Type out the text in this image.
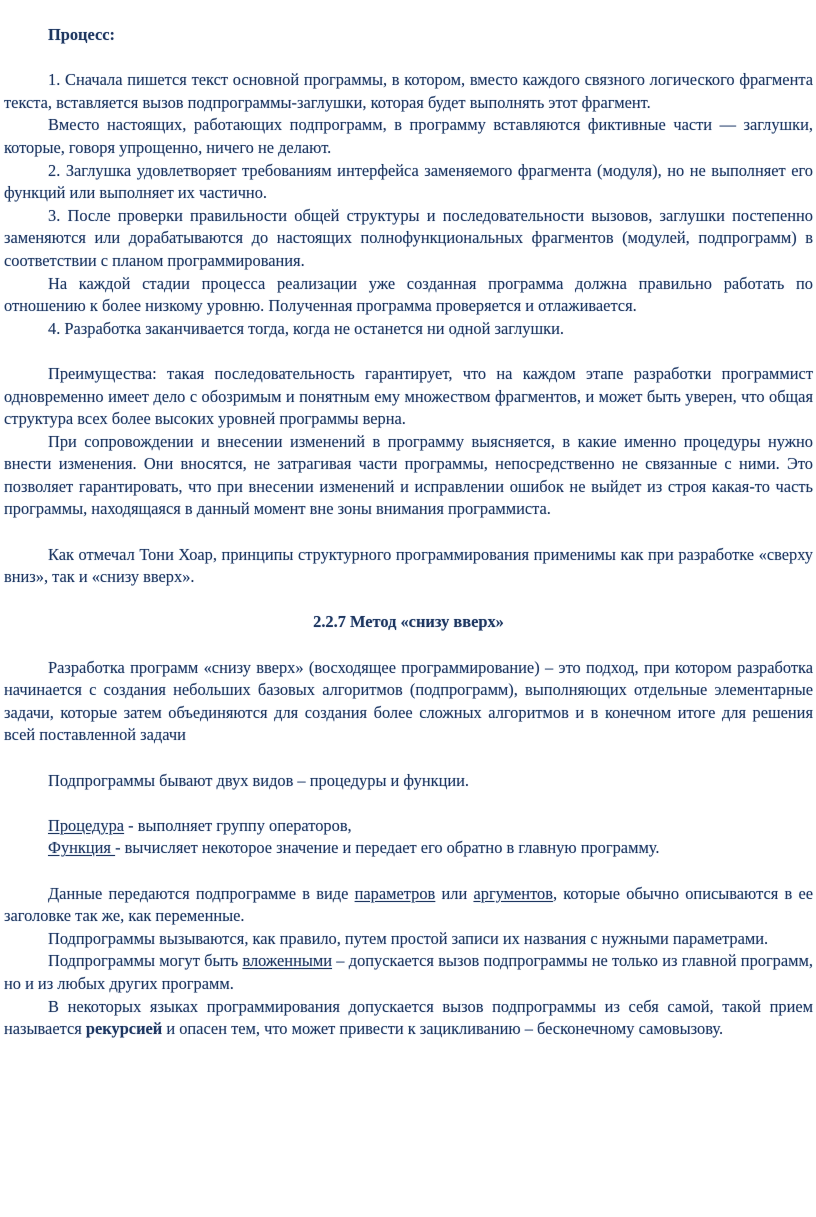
Процесс:

1. Сначала пишется текст основной программы, в котором, вместо каждого связного логического фрагмента текста, вставляется вызов подпрограммы-заглушки, которая будет выполнять этот фрагмент.

Вместо настоящих, работающих подпрограмм, в программу вставляются фиктивные части — заглушки, которые, говоря упрощенно, ничего не делают.

2. Заглушка удовлетворяет требованиям интерфейса заменяемого фрагмента (модуля), но не выполняет его функций или выполняет их частично.

3. После проверки правильности общей структуры и последовательности вызовов, заглушки постепенно заменяются или дорабатываются до настоящих полнофункциональных фрагментов (модулей, подпрограмм) в соответствии с планом программирования.

На каждой стадии процесса реализации уже созданная программа должна правильно работать по отношению к более низкому уровню. Полученная программа проверяется и отлаживается.

4. Разработка заканчивается тогда, когда не останется ни одной заглушки.

Преимущества: такая последовательность гарантирует, что на каждом этапе разработки программист одновременно имеет дело с обозримым и понятным ему множеством фрагментов, и может быть уверен, что общая структура всех более высоких уровней программы верна.

При сопровождении и внесении изменений в программу выясняется, в какие именно процедуры нужно внести изменения. Они вносятся, не затрагивая части программы, непосредственно не связанные с ними. Это позволяет гарантировать, что при внесении изменений и исправлении ошибок не выйдет из строя какая-то часть программы, находящаяся в данный момент вне зоны внимания программиста.

Как отмечал Тони Хоар, принципы структурного программирования применимы как при разработке «сверху вниз», так и «снизу вверх».

2.2.7 Метод «снизу вверх»

Разработка программ «снизу вверх» (восходящее программирование) – это подход, при котором разработка начинается с создания небольших базовых алгоритмов (подпрограмм), выполняющих отдельные элементарные задачи, которые затем объединяются для создания более сложных алгоритмов и в конечном итоге для решения всей поставленной задачи

Подпрограммы бывают двух видов – процедуры и функции.

Процедура - выполняет группу операторов,

Функция - вычисляет некоторое значение и передает его обратно в главную программу.

Данные передаются подпрограмме в виде параметров или аргументов, которые обычно описываются в ее заголовке так же, как переменные.

Подпрограммы вызываются, как правило, путем простой записи их названия с нужными параметрами.

Подпрограммы могут быть вложенными – допускается вызов подпрограммы не только из главной программ, но и из любых других программ.

В некоторых языках программирования допускается вызов подпрограммы из себя самой, такой прием называется рекурсией и опасен тем, что может привести к зацикливанию – бесконечному самовызову.
